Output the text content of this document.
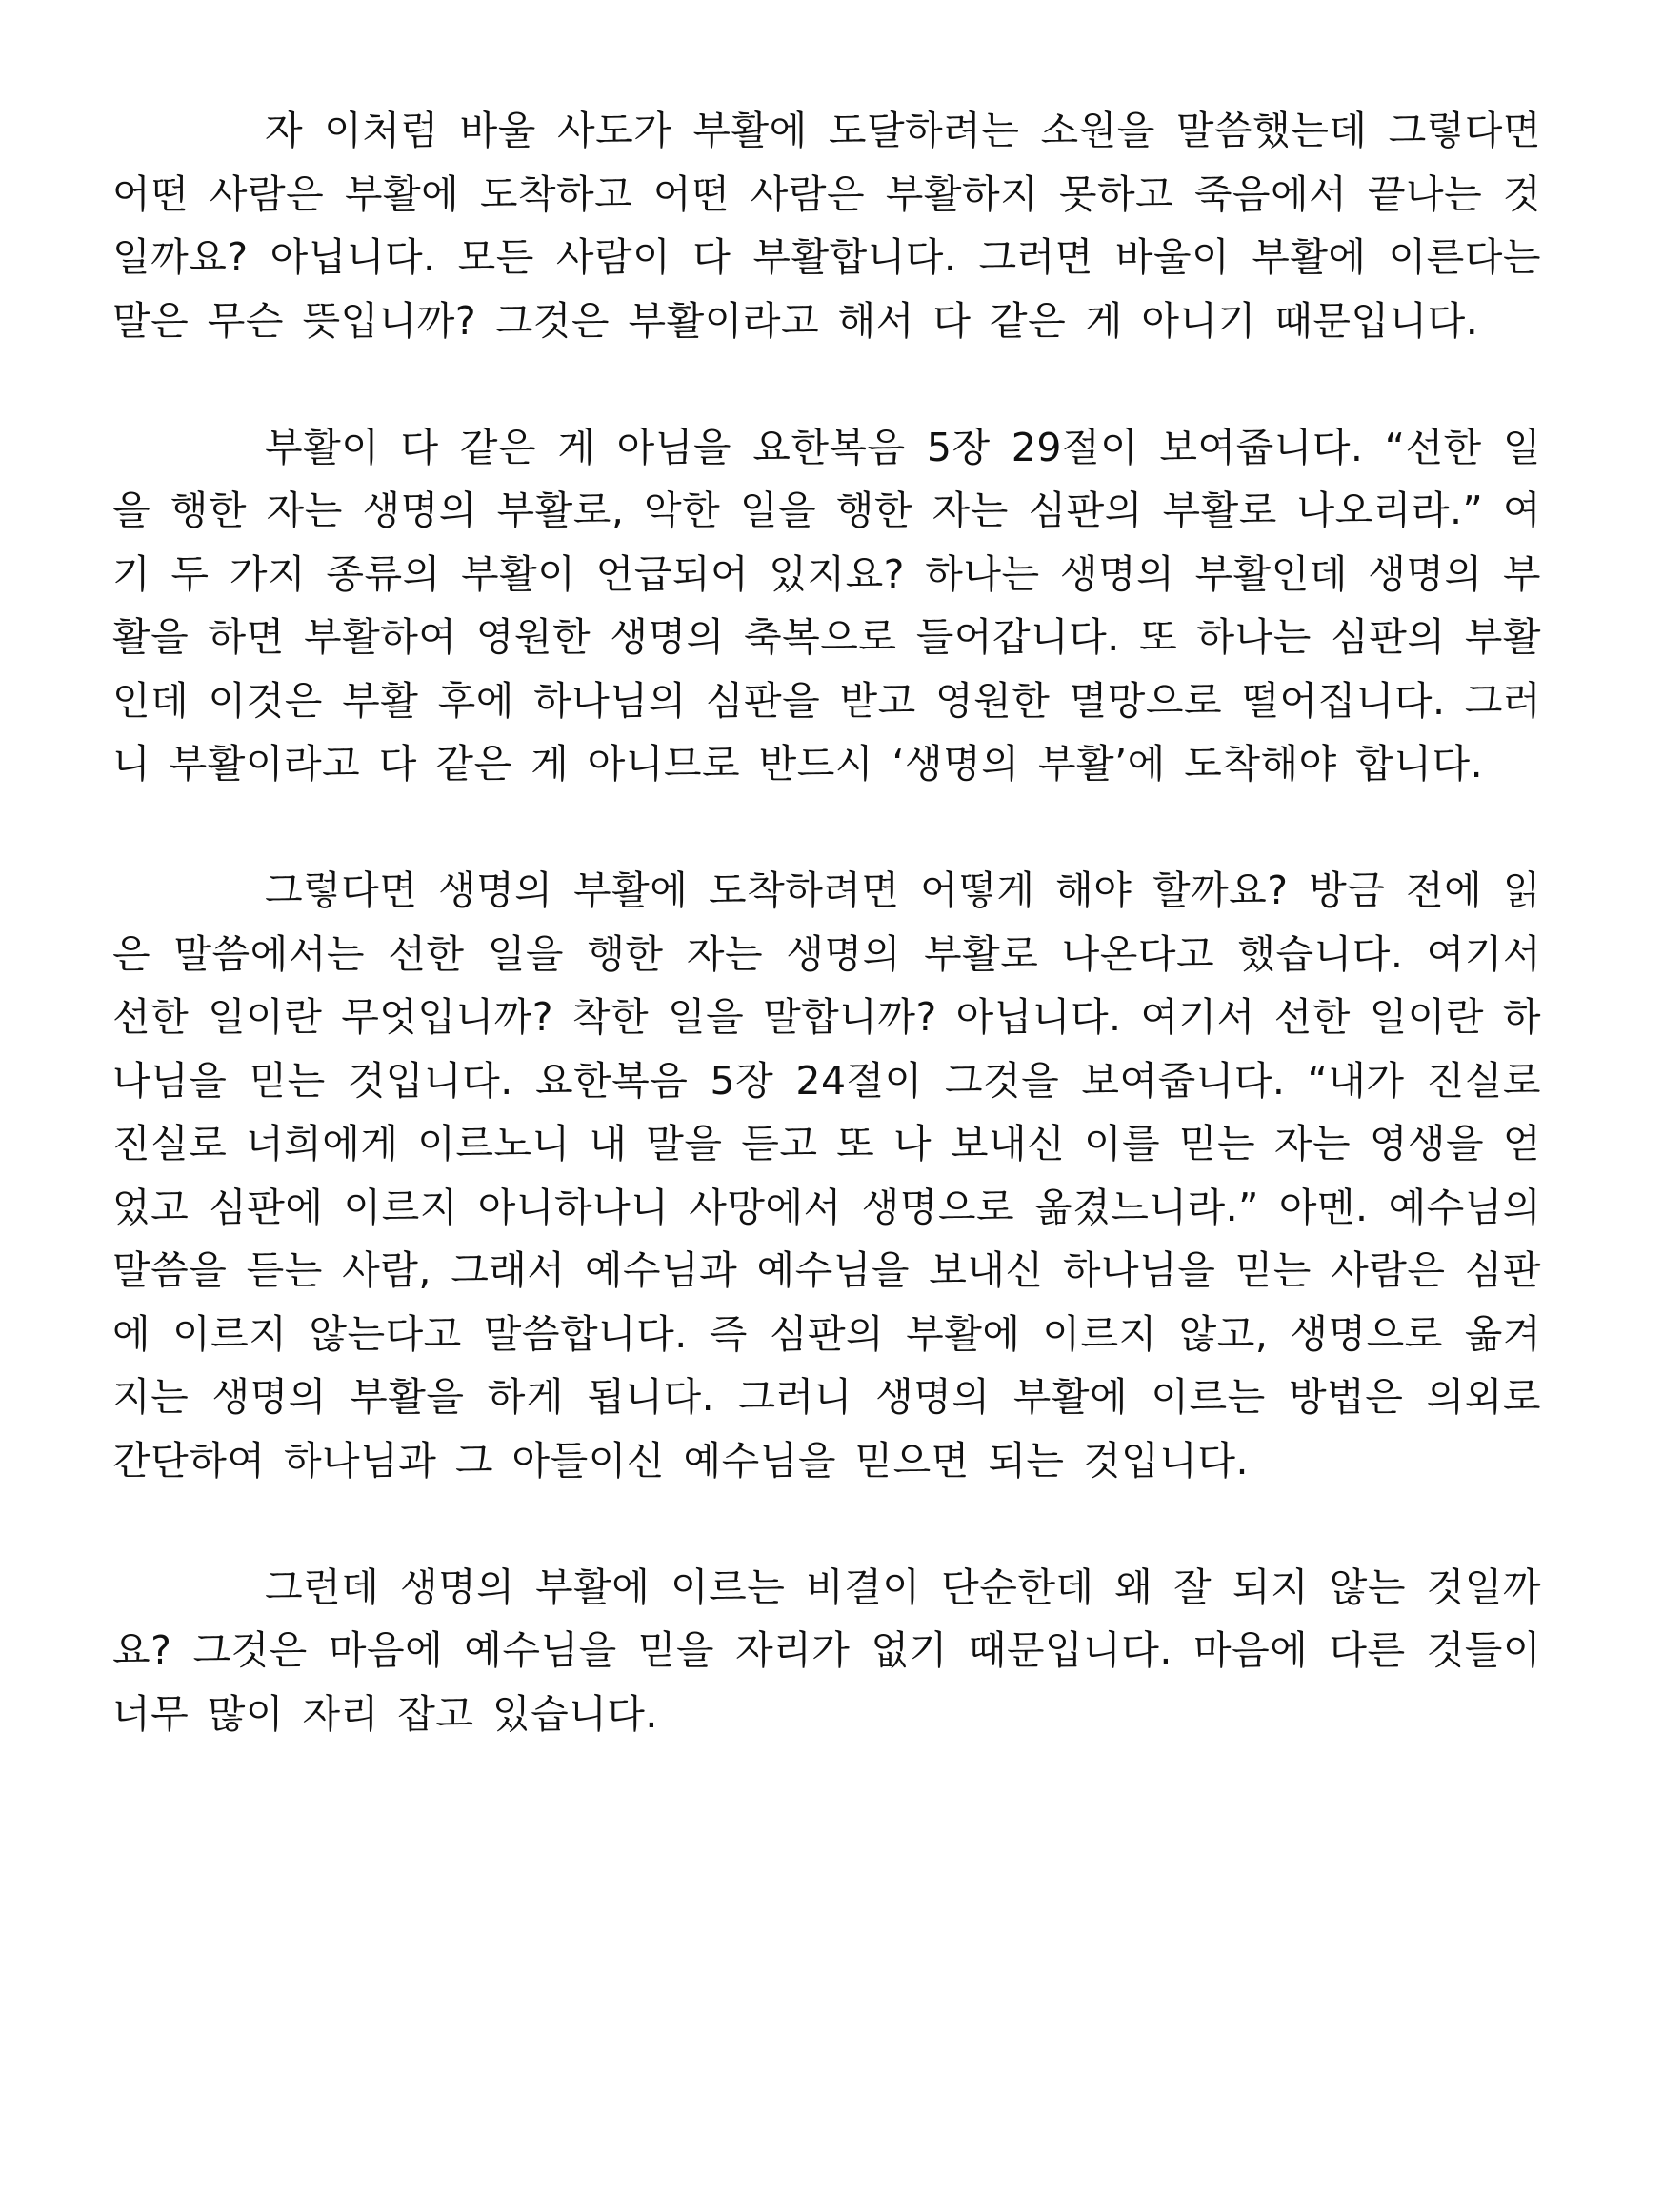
자 이처럼 바울 사도가 부활에 도달하려는 소원을 말씀했는데 그렇다면 어떤 사람은 부활에 도착하고 어떤 사람은 부활하지 못하고 죽음에서 끝나는 것일까요? 아닙니다. 모든 사람이 다 부활합니다. 그러면 바울이 부활에 이른다는 말은 무슨 뜻입니까? 그것은 부활이라고 해서 다 같은 게 아니기 때문입니다.

부활이 다 같은 게 아님을 요한복음 5장 29절이 보여줍니다. “선한 일을 행한 자는 생명의 부활로, 악한 일을 행한 자는 심판의 부활로 나오리라.” 여기 두 가지 종류의 부활이 언급되어 있지요? 하나는 생명의 부활인데 생명의 부활을 하면 부활하여 영원한 생명의 축복으로 들어갑니다. 또 하나는 심판의 부활인데 이것은 부활 후에 하나님의 심판을 받고 영원한 멸망으로 떨어집니다. 그러니 부활이라고 다 같은 게 아니므로 반드시 ‘생명의 부활’에 도착해야 합니다.

그렇다면 생명의 부활에 도착하려면 어떻게 해야 할까요? 방금 전에 읽은 말씀에서는 선한 일을 행한 자는 생명의 부활로 나온다고 했습니다. 여기서 선한 일이란 무엇입니까? 착한 일을 말합니까? 아닙니다. 여기서 선한 일이란 하나님을 믿는 것입니다. 요한복음 5장 24절이 그것을 보여줍니다. “내가 진실로 진실로 너희에게 이르노니 내 말을 듣고 또 나 보내신 이를 믿는 자는 영생을 얻었고 심판에 이르지 아니하나니 사망에서 생명으로 옮겼느니라.” 아멘. 예수님의 말씀을 듣는 사람, 그래서 예수님과 예수님을 보내신 하나님을 믿는 사람은 심판에 이르지 않는다고 말씀합니다. 즉 심판의 부활에 이르지 않고, 생명으로 옮겨지는 생명의 부활을 하게 됩니다. 그러니 생명의 부활에 이르는 방법은 의외로 간단하여 하나님과 그 아들이신 예수님을 믿으면 되는 것입니다.

그런데 생명의 부활에 이르는 비결이 단순한데 왜 잘 되지 않는 것일까요? 그것은 마음에 예수님을 믿을 자리가 없기 때문입니다. 마음에 다른 것들이 너무 많이 자리 잡고 있습니다.
